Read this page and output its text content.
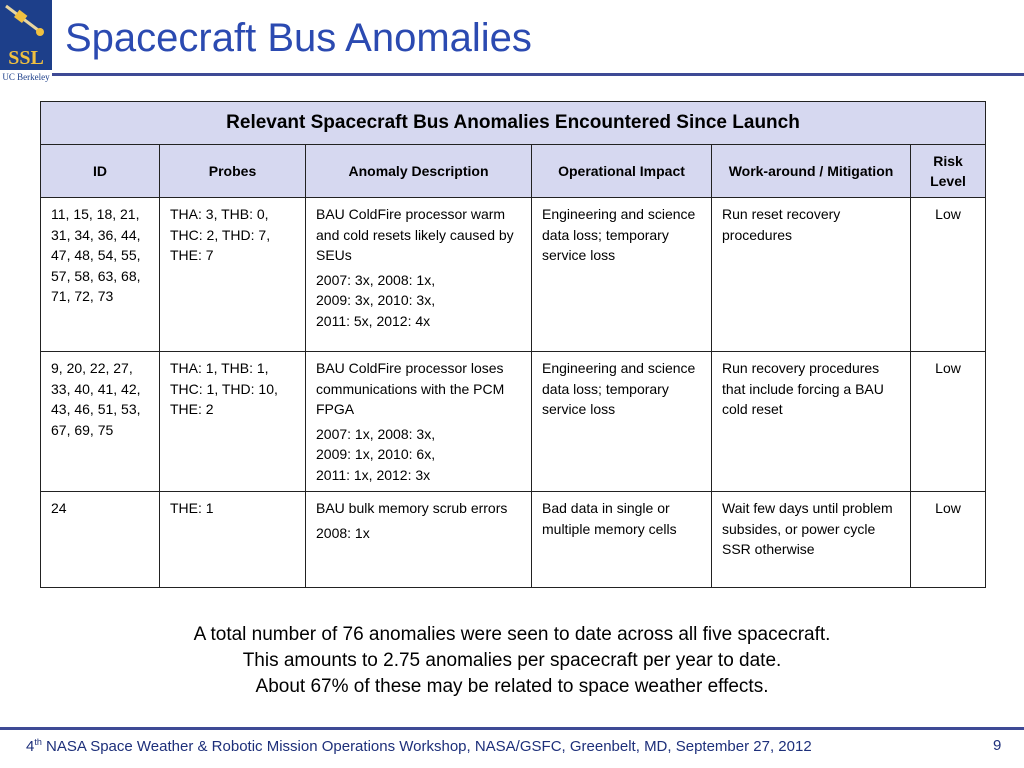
SSL
UC Berkeley
Spacecraft Bus Anomalies
Relevant Spacecraft Bus Anomalies Encountered Since Launch					
ID	Probes	Anomaly Description	Operational Impact	Work-around / Mitigation	Risk Level
11, 15, 18, 21, 31, 34, 36, 44, 47, 48, 54, 55, 57, 58, 63, 68, 71, 72, 73	THA: 3, THB: 0, THC: 2, THD: 7, THE: 7	BAU ColdFire processor warm and cold resets likely caused by SEUs
2007: 3x, 2008: 1x,
2009: 3x, 2010: 3x,
2011: 5x, 2012: 4x	Engineering and science data loss; temporary service loss	Run reset recovery procedures	Low
9, 20, 22, 27, 33, 40, 41, 42, 43, 46, 51, 53, 67, 69, 75	THA: 1, THB: 1, THC: 1, THD: 10, THE: 2	BAU ColdFire processor loses communications with the PCM FPGA
2007: 1x, 2008: 3x,
2009: 1x, 2010: 6x,
2011: 1x, 2012: 3x	Engineering and science data loss; temporary service loss	Run recovery procedures that include forcing a BAU cold reset	Low
24	THE: 1	BAU bulk memory scrub errors
2008: 1x	Bad data in single or multiple memory cells	Wait few days until problem subsides, or power cycle SSR otherwise	Low
A total number of 76 anomalies were seen to date across all five spacecraft.
This amounts to 2.75 anomalies per spacecraft per year to date.
About 67% of these may be related to space weather effects.
4th NASA Space Weather & Robotic Mission Operations Workshop, NASA/GSFC, Greenbelt, MD, September 27, 2012	9
